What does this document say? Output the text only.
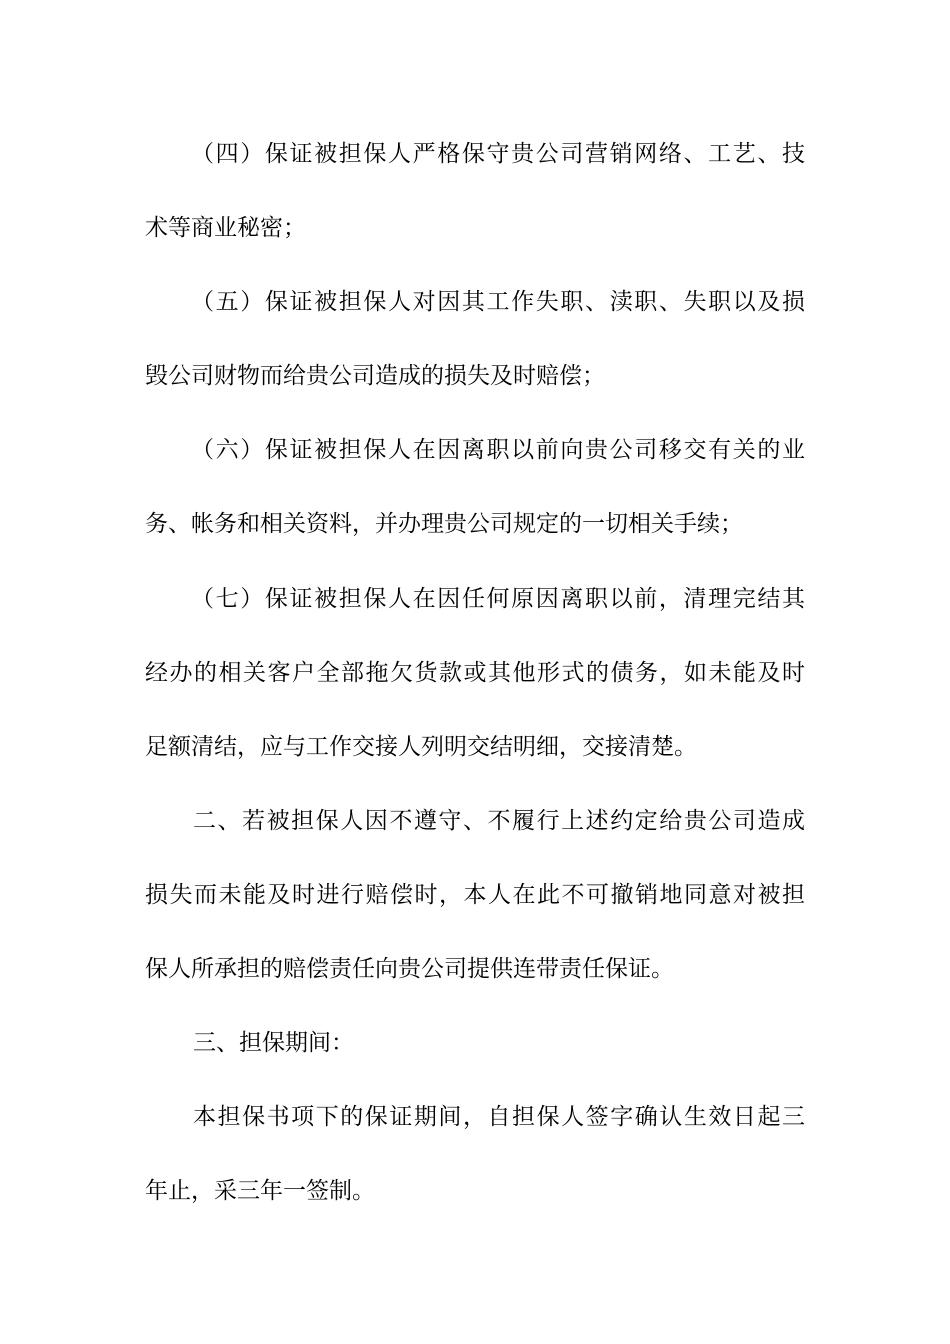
（四）保证被担保人严格保守贵公司营销网络、工艺、技
术等商业秘密；
（五）保证被担保人对因其工作失职、渎职、失职以及损
毁公司财物而给贵公司造成的损失及时赔偿；
（六）保证被担保人在因离职以前向贵公司移交有关的业
务、帐务和相关资料，并办理贵公司规定的一切相关手续；
（七）保证被担保人在因任何原因离职以前，清理完结其
经办的相关客户全部拖欠货款或其他形式的债务，如未能及时
足额清结，应与工作交接人列明交结明细，交接清楚。
二、若被担保人因不遵守、不履行上述约定给贵公司造成
损失而未能及时进行赔偿时，本人在此不可撤销地同意对被担
保人所承担的赔偿责任向贵公司提供连带责任保证。
三、担保期间：
本担保书项下的保证期间，自担保人签字确认生效日起三
年止，采三年一签制。
